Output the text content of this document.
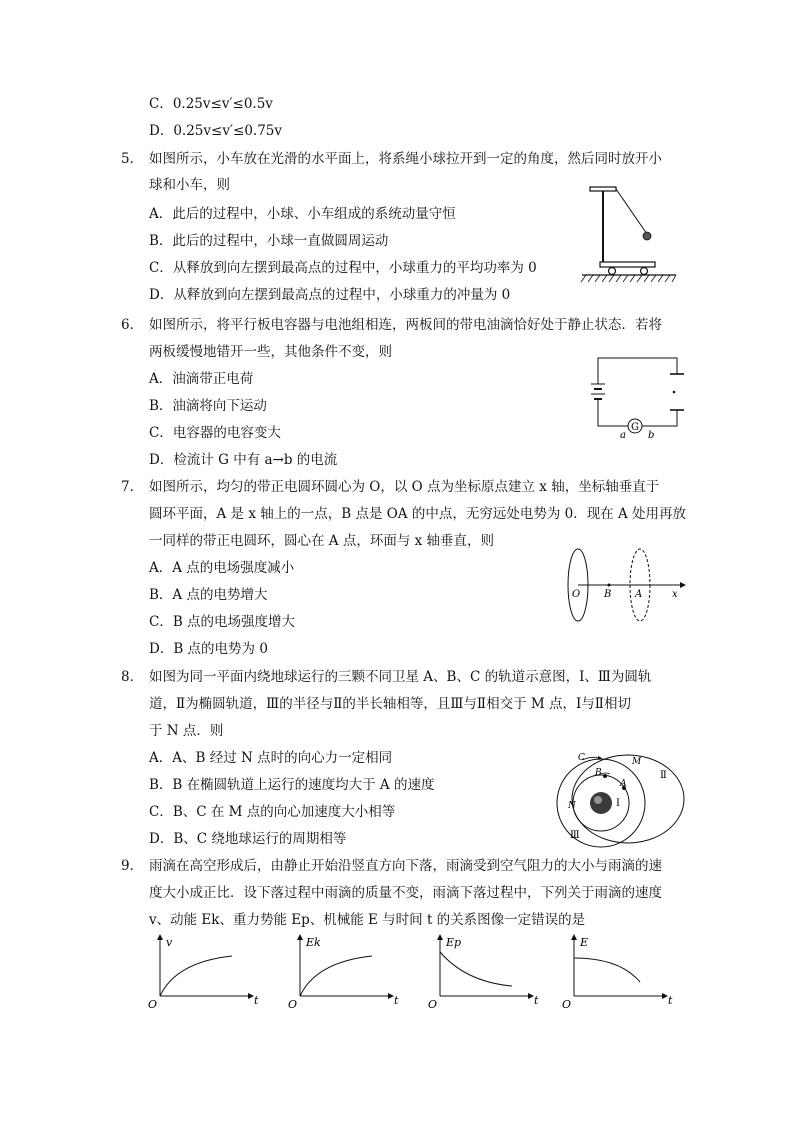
C．0.25v≤v′≤0.5v
D．0.25v≤v′≤0.75v
5． 如图所示，小车放在光滑的水平面上，将系绳小球拉开到一定的角度，然后同时放开小
球和小车，则
A．此后的过程中，小球、小车组成的系统动量守恒
B．此后的过程中，小球一直做圆周运动
C．从释放到向左摆到最高点的过程中，小球重力的平均功率为 0
D．从释放到向左摆到最高点的过程中，小球重力的冲量为 0
6． 如图所示，将平行板电容器与电池组相连，两板间的带电油滴恰好处于静止状态．若将
两板缓慢地错开一些，其他条件不变，则
A．油滴带正电荷
B．油滴将向下运动
C．电容器的电容变大
D．检流计 G 中有 a→b 的电流
G
a b
7． 如图所示，均匀的带正电圆环圆心为 O，以 O 点为坐标原点建立 x 轴，坐标轴垂直于
圆环平面，A 是 x 轴上的一点，B 点是 OA 的中点，无穷远处电势为 0．现在 A 处用再放
一同样的带正电圆环，圆心在 A 点，环面与 x 轴垂直，则
A．A 点的电场强度减小
B．A 点的电势增大
C．B 点的电场强度增大
D．B 点的电势为 0
O B A	x
8． 如图为同一平面内绕地球运行的三颗不同卫星 A、B、C 的轨道示意图，Ⅰ、Ⅲ为圆轨
道，Ⅱ为椭圆轨道，Ⅲ的半径与Ⅱ的半长轴相等，且Ⅲ与Ⅱ相交于 M 点，Ⅰ与Ⅱ相切
于 N 点．则
A．A、B 经过 N 点时的向心力一定相同
B．B 在椭圆轨道上运行的速度均大于 A 的速度
C．B、C 在 M 点的向心加速度大小相等
D．B、C 绕地球运行的周期相等
C	M
B
A
Ⅱ
N	Ⅰ
Ⅲ
9． 雨滴在高空形成后，由静止开始沿竖直方向下落，雨滴受到空气阻力的大小与雨滴的速
度大小成正比．设下落过程中雨滴的质量不变，雨滴下落过程中，下列关于雨滴的速度
v、动能 Ek、重力势能 Ep、机械能 E 与时间 t 的关系图像一定错误的是
v
t
O
Ek
t
O
Ep
t
O
E
t
O
